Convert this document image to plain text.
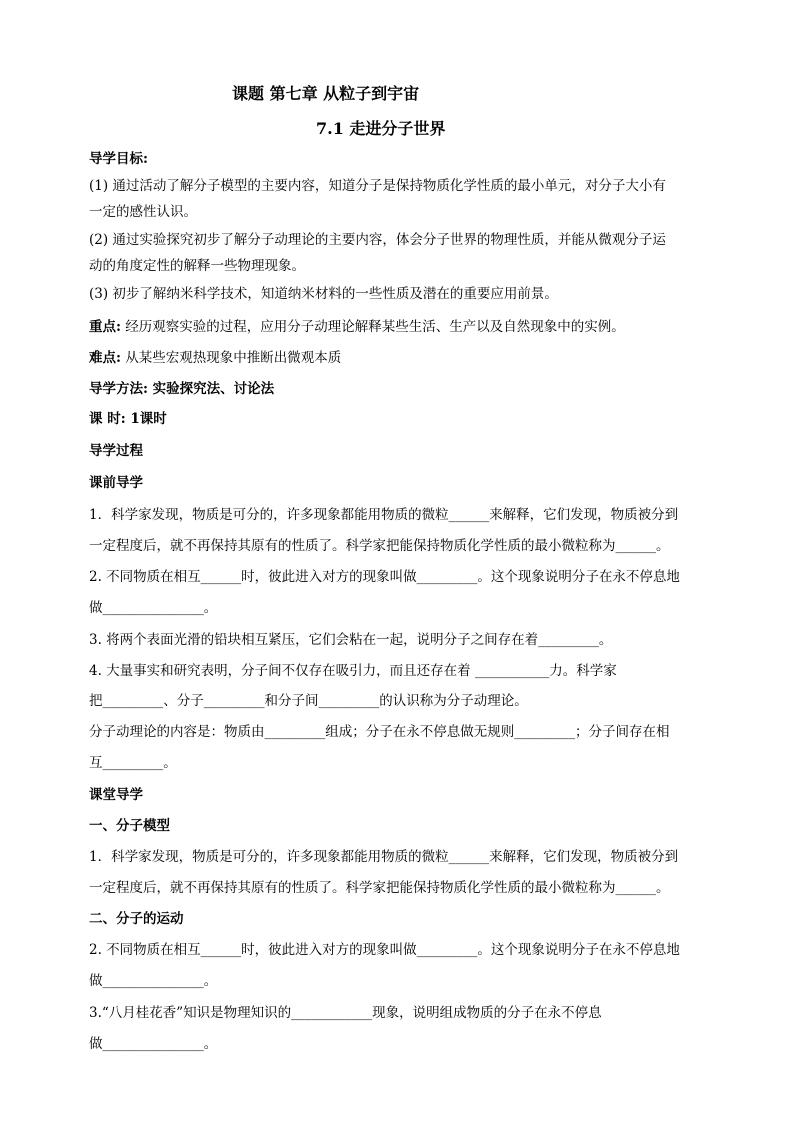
课题 第七章 从粒子到宇宙
7.1 走进分子世界
导学目标:
(1) 通过活动了解分子模型的主要内容，知道分子是保持物质化学性质的最小单元，对分子大小有
一定的感性认识。
(2) 通过实验探究初步了解分子动理论的主要内容，体会分子世界的物理性质，并能从微观分子运
动的角度定性的解释一些物理现象。
(3) 初步了解纳米科学技术，知道纳米材料的一些性质及潜在的重要应用前景。
重点: 经历观察实验的过程，应用分子动理论解释某些生活、生产以及自然现象中的实例。
难点: 从某些宏观热现象中推断出微观本质
导学方法: 实验探究法、讨论法
课 时: 1课时
导学过程
课前导学
1．科学家发现，物质是可分的，许多现象都能用物质的微粒______来解释，它们发现，物质被分到
一定程度后，就不再保持其原有的性质了。科学家把能保持物质化学性质的最小微粒称为______。
2. 不同物质在相互______时，彼此进入对方的现象叫做_________。这个现象说明分子在永不停息地
做_______________。
3. 将两个表面光滑的铅块相互紧压，它们会粘在一起，说明分子之间存在着_________。
4. 大量事实和研究表明，分子间不仅存在吸引力，而且还存在着 ___________力。科学家
把_________、分子_________和分子间_________的认识称为分子动理论。
分子动理论的内容是：物质由_________组成；分子在永不停息做无规则_________；分子间存在相
互_________。
课堂导学
一、分子模型
1．科学家发现，物质是可分的，许多现象都能用物质的微粒______来解释，它们发现，物质被分到
一定程度后，就不再保持其原有的性质了。科学家把能保持物质化学性质的最小微粒称为______。
二、分子的运动
2. 不同物质在相互______时，彼此进入对方的现象叫做_________。这个现象说明分子在永不停息地
做_______________。
3.“八月桂花香”知识是物理知识的____________现象，说明组成物质的分子在永不停息
做_______________。
